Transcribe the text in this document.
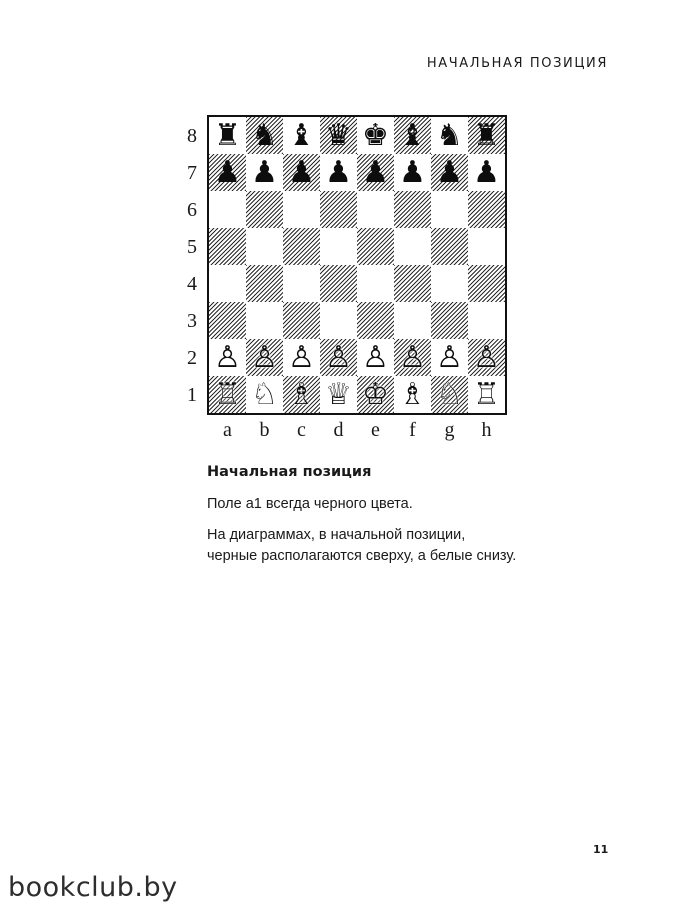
НАЧАЛЬНАЯ ПОЗИЦИЯ
8
7
6
5
4
3
2
1
♜ ♞ ♝ ♛ ♚ ♝ ♞ ♜
♟ ♟ ♟ ♟ ♟ ♟ ♟ ♟
♙ ♙ ♙ ♙ ♙ ♙ ♙ ♙
♖ ♘ ♗ ♕ ♔ ♗ ♘ ♖
a	b	c	d	e	f	g	h
Начальная позиция

Поле a1 всегда черного цвета.

На диаграммах, в начальной позиции,
черные располагаются сверху, а белые снизу.

11
bookclub.by
